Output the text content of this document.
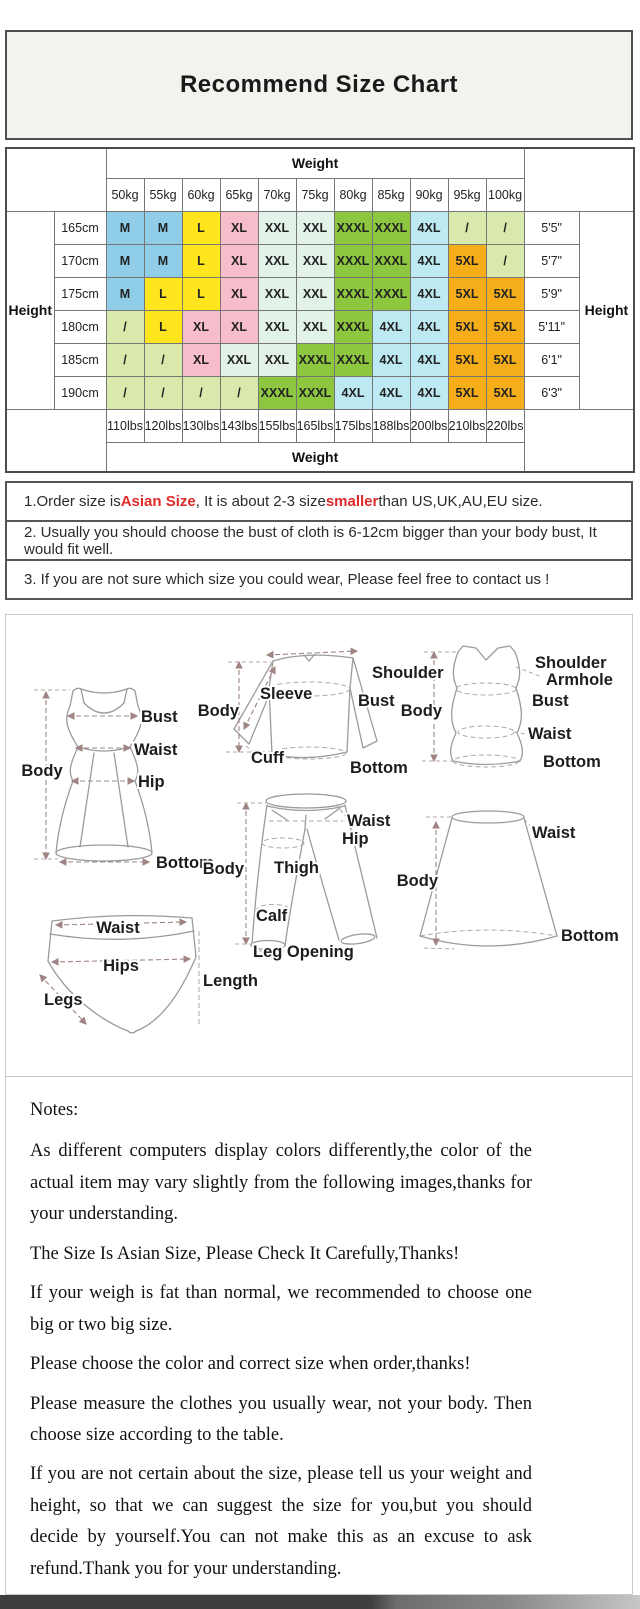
Recommend Size Chart
		Weight												
		50kg	55kg	60kg	65kg	70kg	75kg	80kg	85kg	90kg	95kg	100kg		
Height	165cm	M	M	L	XL	XXL	XXL	XXXL	XXXL	4XL	/	/	5'5"	Height
	170cm	M	M	L	XL	XXL	XXL	XXXL	XXXL	4XL	5XL	/	5'7"	
	175cm	M	L	L	XL	XXL	XXL	XXXL	XXXL	4XL	5XL	5XL	5'9"	
	180cm	/	L	XL	XL	XXL	XXL	XXXL	4XL	4XL	5XL	5XL	5'11"	
	185cm	/	/	XL	XXL	XXL	XXXL	XXXL	4XL	4XL	5XL	5XL	6'1"	
	190cm	/	/	/	/	XXXL	XXXL	4XL	4XL	4XL	5XL	5XL	6'3"	
		110lbs	120lbs	130lbs	143lbs	155lbs	165lbs	175lbs	188lbs	200lbs	210lbs	220lbs		
		Weight												
1.Order size is Asian Size , It is about 2-3 size smaller than US,UK,AU,EU size.
2. Usually you should choose the bust of cloth is 6-12cm bigger than your body bust, It would fit well.
3. If you are not sure which size you could wear, Please feel free to contact us !
Body
Bust
Waist
Hip
Bottom
Shoulder
Sleeve
Body
Bust
Cuff
Bottom
Shoulder
Armhole
Bust
Body
Waist
Bottom
Waist
Hip
Body Thigh
Calf
Leg Opening
Waist
Hips
Length
Legs
Waist
Body
Bottom

Notes:

As different computers display colors differently,the color of the actual item may vary slightly from the following images,thanks for your understanding.

The Size Is Asian Size, Please Check It Carefully,Thanks!

If your weigh is fat than normal, we recommended to choose one big or two big size.

Please choose the color and correct size when order,thanks!

Please measure the clothes you usually wear, not your body. Then choose size according to the table.

If you are not certain about the size, please tell us your weight and height, so that we can suggest the size for you,but you should decide by yourself.You can not make this as an excuse to ask refund.Thank you for your understanding.
